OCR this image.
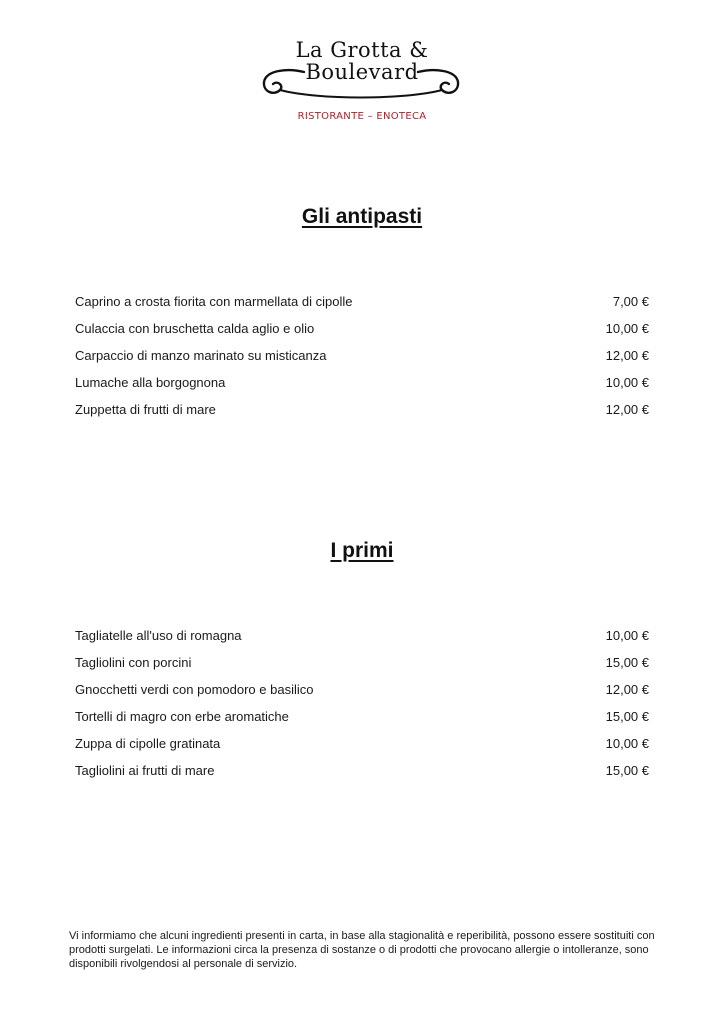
La Grotta &
Boulevard
RISTORANTE – ENOTECA
Gli antipasti
Caprino a crosta fiorita con marmellata di cipolle	7,00 €
Culaccia con bruschetta calda aglio e olio	10,00 €
Carpaccio di manzo marinato su misticanza	12,00 €
Lumache alla borgognona	10,00 €
Zuppetta di frutti di mare	12,00 €
I primi
Tagliatelle all'uso di romagna	10,00 €
Tagliolini con porcini	15,00 €
Gnocchetti verdi con pomodoro e basilico	12,00 €
Tortelli di magro con erbe aromatiche	15,00 €
Zuppa di cipolle gratinata	10,00 €
Tagliolini ai frutti di mare	15,00 €
Vi informiamo che alcuni ingredienti presenti in carta, in base alla stagionalità e reperibilità, possono essere sostituiti con prodotti surgelati. Le informazioni circa la presenza di sostanze o di prodotti che provocano allergie o intolleranze, sono disponibili rivolgendosi al personale di servizio.
